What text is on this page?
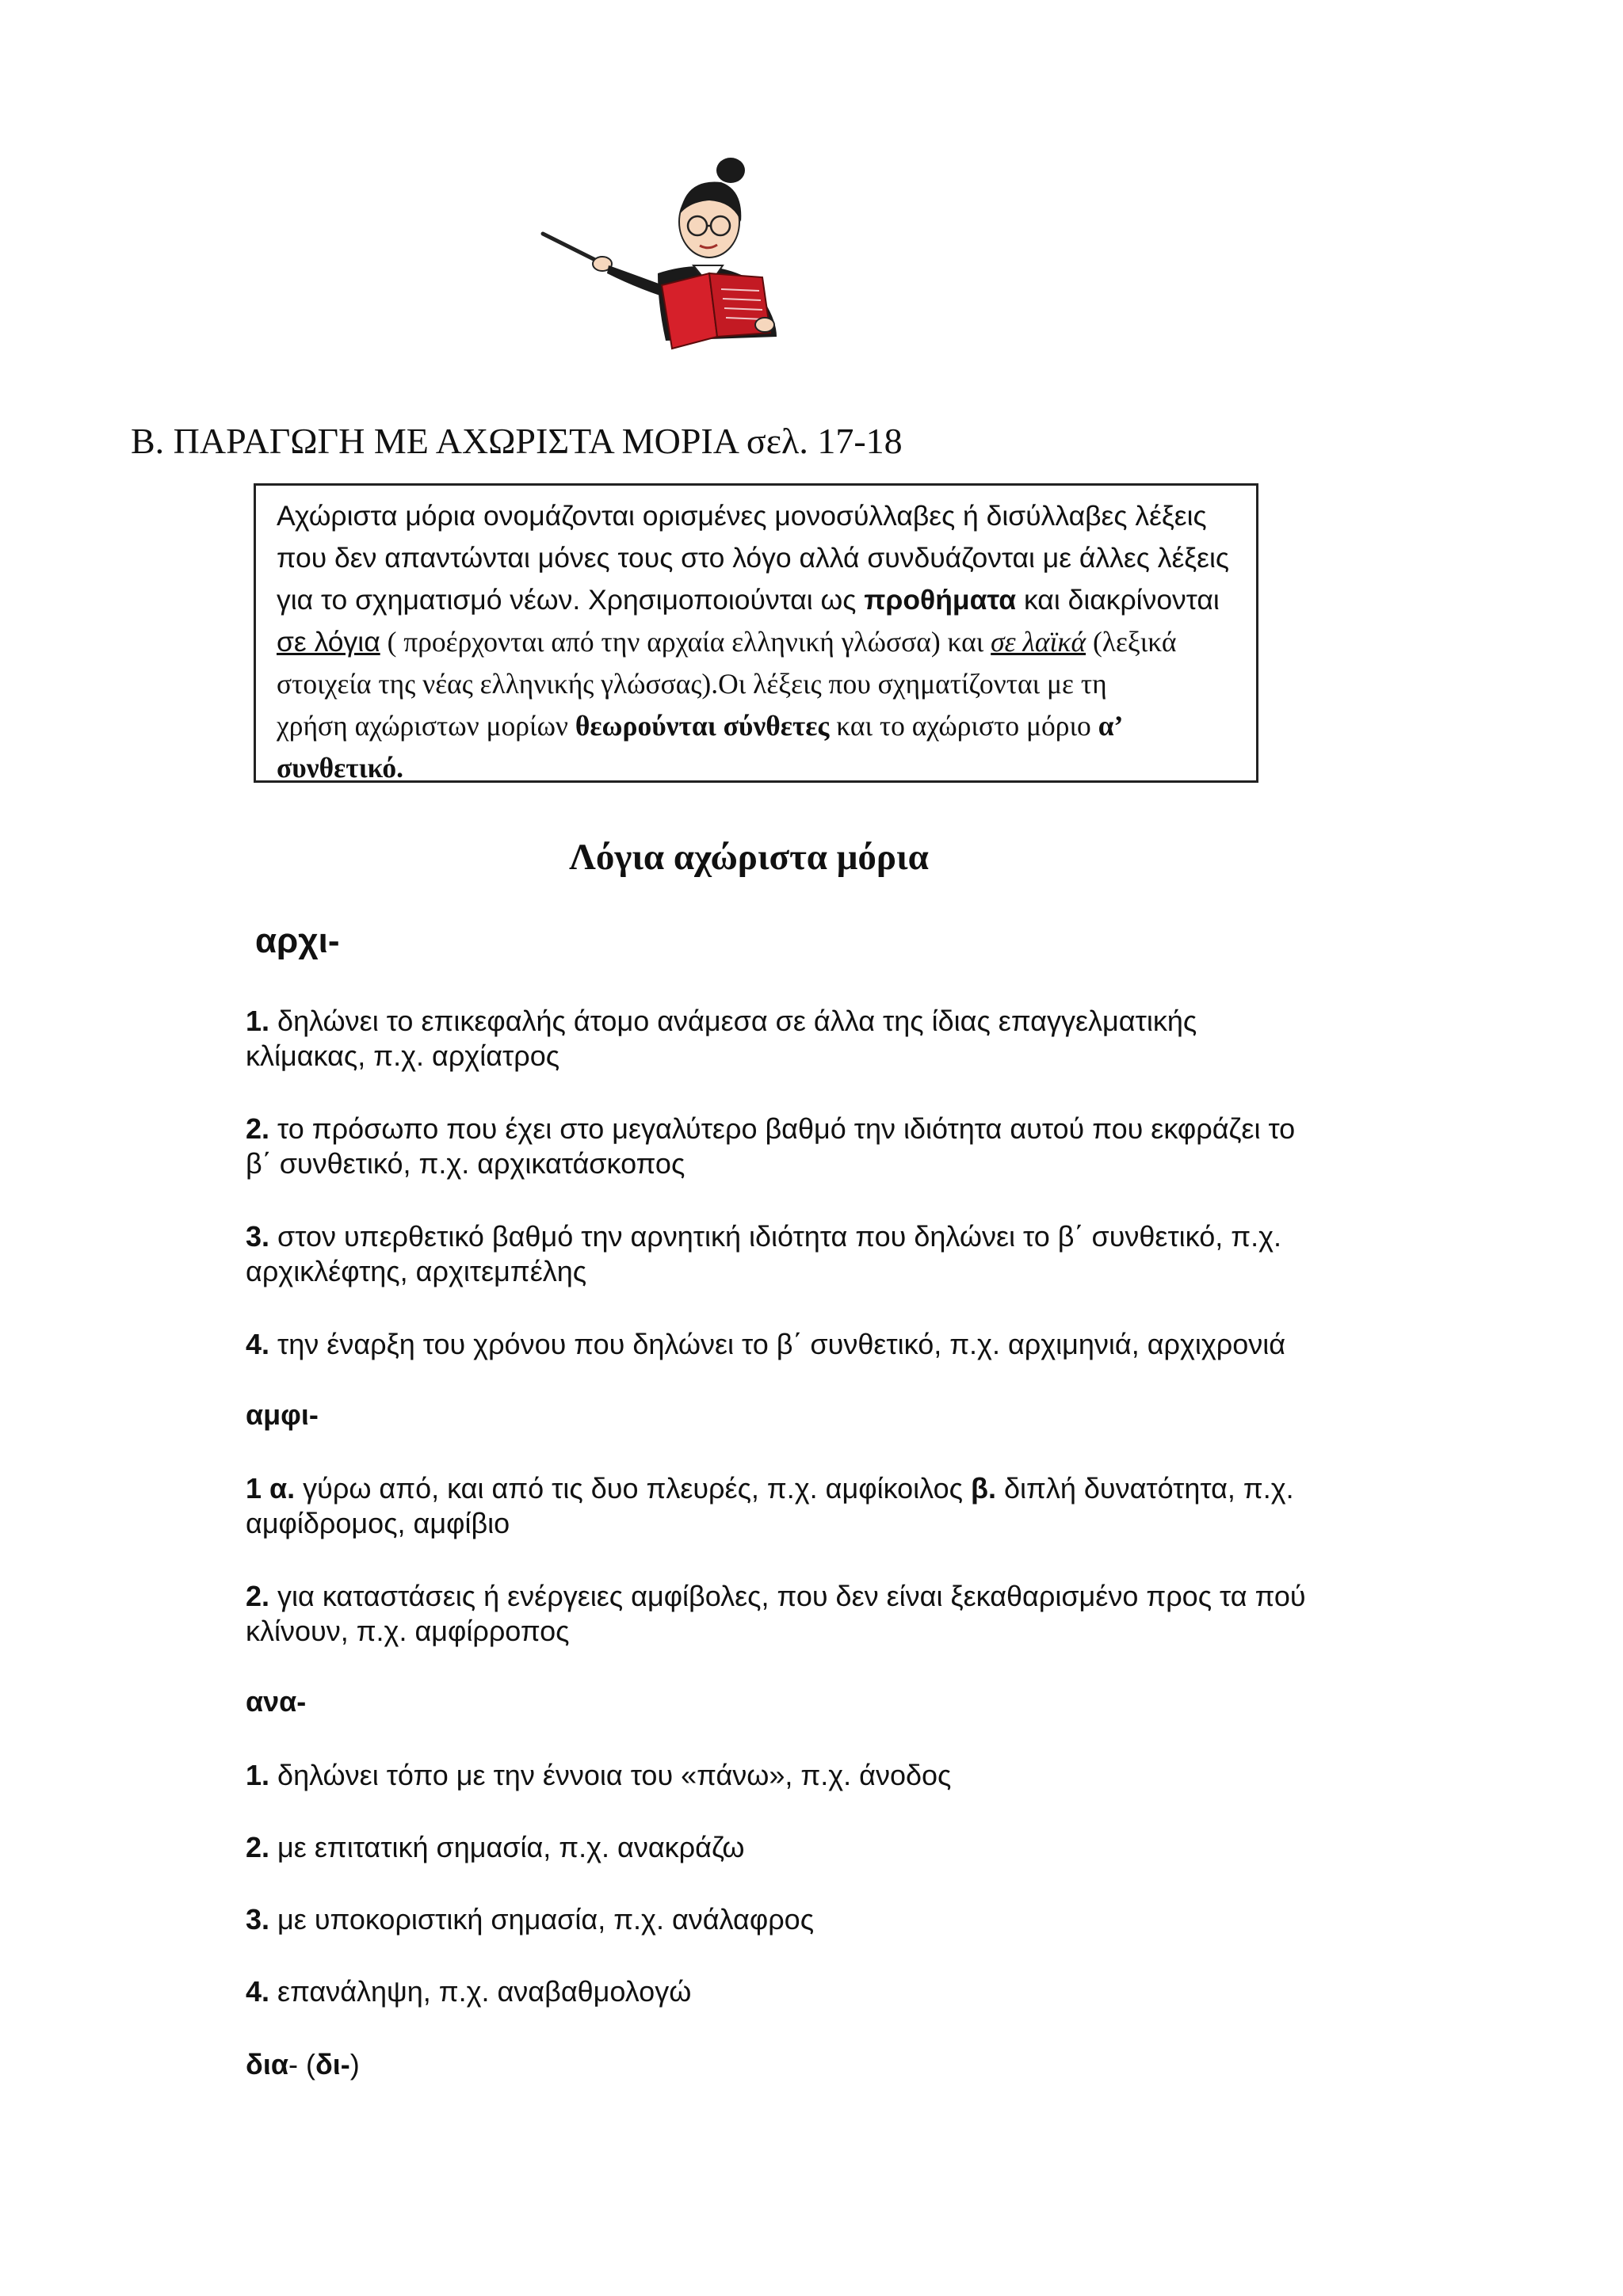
Β. ΠΑΡΑΓΩΓΗ ΜΕ ΑΧΩΡΙΣΤΑ ΜΟΡΙΑ σελ. 17-18
Αχώριστα μόρια ονομάζονται ορισμένες μονοσύλλαβες ή δισύλλαβες λέξεις
που δεν απαντώνται μόνες τους στο λόγο αλλά συνδυάζονται με άλλες λέξεις
για το σχηματισμό νέων. Χρησιμοποιούνται ως προθήματα και διακρίνονται
σε λόγια ( προέρχονται από την αρχαία ελληνική γλώσσα) και σε λαϊκά (λεξικά
στοιχεία της νέας ελληνικής γλώσσας).Οι λέξεις που σχηματίζονται με τη
χρήση αχώριστων μορίων θεωρούνται σύνθετες και το αχώριστο μόριο α’
συνθετικό.
Λόγια αχώριστα μόρια
αρχι-
1. δηλώνει το επικεφαλής άτομο ανάμεσα σε άλλα της ίδιας επαγγελματικής
κλίμακας, π.χ. αρχίατρος
2. το πρόσωπο που έχει στο μεγαλύτερο βαθμό την ιδιότητα αυτού που εκφράζει το
β΄ συνθετικό, π.χ. αρχικατάσκοπος
3. στον υπερθετικό βαθμό την αρνητική ιδιότητα που δηλώνει το β΄ συνθετικό, π.χ.
αρχικλέφτης, αρχιτεμπέλης
4. την έναρξη του χρόνου που δηλώνει το β΄ συνθετικό, π.χ. αρχιμηνιά, αρχιχρονιά
αμφι-
1 α. γύρω από, και από τις δυο πλευρές, π.χ. αμφίκοιλος β. διπλή δυνατότητα, π.χ.
αμφίδρομος, αμφίβιο
2. για καταστάσεις ή ενέργειες αμφίβολες, που δεν είναι ξεκαθαρισμένο προς τα πού
κλίνουν, π.χ. αμφίρροπος
ανα-
1. δηλώνει τόπο με την έννοια του «πάνω», π.χ. άνοδος
2. με επιτατική σημασία, π.χ. ανακράζω
3. με υποκοριστική σημασία, π.χ. ανάλαφρος
4. επανάληψη, π.χ. αναβαθμολογώ
δια- (δι-)
